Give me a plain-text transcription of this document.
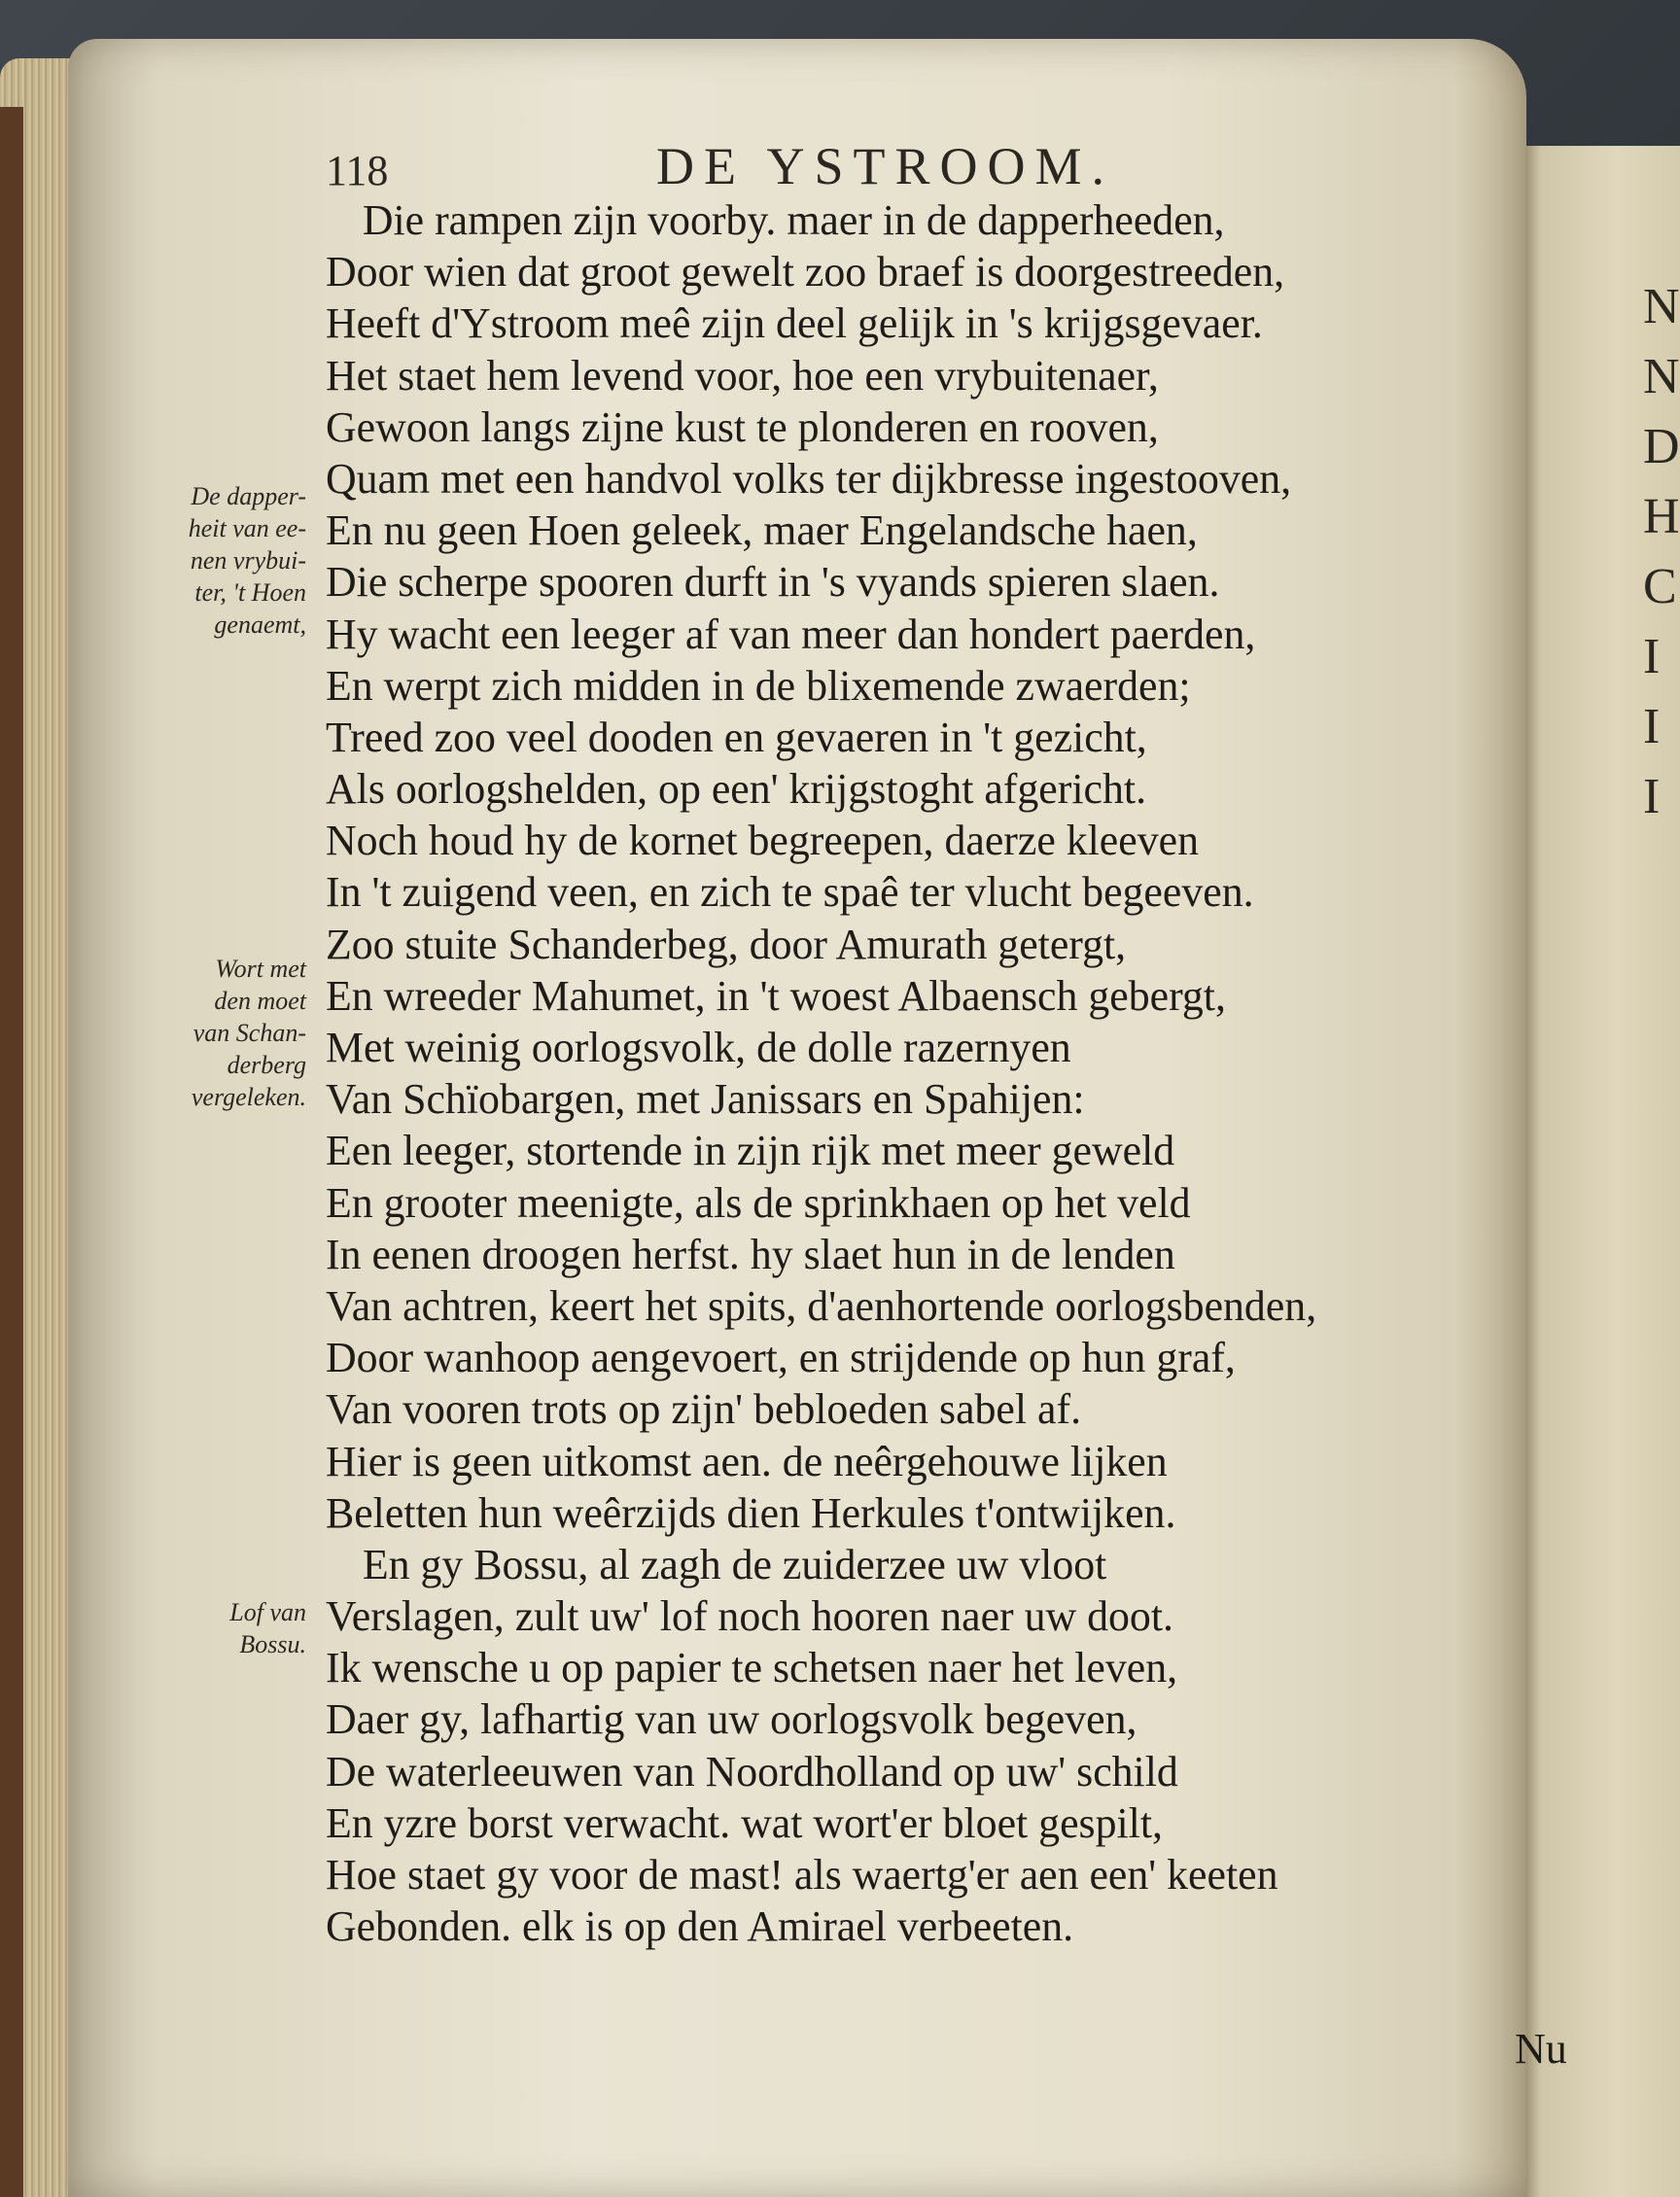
N
N
D
H
C
I
I
I
118	DE YSTROOM.
Die rampen zijn voorby. maer in de dapperheeden,
Door wien dat groot gewelt zoo braef is doorgestreeden,
Heeft d'Ystroom meê zijn deel gelijk in 's krijgsgevaer.
Het staet hem levend voor, hoe een vrybuitenaer,
Gewoon langs zijne kust te plonderen en rooven,
Quam met een handvol volks ter dijkbresse ingestooven,
En nu geen Hoen geleek, maer Engelandsche haen,
Die scherpe spooren durft in 's vyands spieren slaen.
Hy wacht een leeger af van meer dan hondert paerden,
En werpt zich midden in de blixemende zwaerden;
Treed zoo veel dooden en gevaeren in 't gezicht,
Als oorlogshelden, op een' krijgstoght afgericht.
Noch houd hy de kornet begreepen, daerze kleeven
In 't zuigend veen, en zich te spaê ter vlucht begeeven.
Zoo stuite Schanderbeg, door Amurath getergt,
En wreeder Mahumet, in 't woest Albaensch gebergt,
Met weinig oorlogsvolk, de dolle razernyen
Van Schïobargen, met Janissars en Spahijen:
Een leeger, stortende in zijn rijk met meer geweld
En grooter meenigte, als de sprinkhaen op het veld
In eenen droogen herfst. hy slaet hun in de lenden
Van achtren, keert het spits, d'aenhortende oorlogsbenden,
Door wanhoop aengevoert, en strijdende op hun graf,
Van vooren trots op zijn' bebloeden sabel af.
Hier is geen uitkomst aen. de neêrgehouwe lijken
Beletten hun weêrzijds dien Herkules t'ontwijken.
En gy Bossu, al zagh de zuiderzee uw vloot
Verslagen, zult uw' lof noch hooren naer uw doot.
Ik wensche u op papier te schetsen naer het leven,
Daer gy, lafhartig van uw oorlogsvolk begeven,
De waterleeuwen van Noordholland op uw' schild
En yzre borst verwacht. wat wort'er bloet gespilt,
Hoe staet gy voor de mast! als waertg'er aen een' keeten
Gebonden. elk is op den Amirael verbeeten.
De dapper-
heit van ee-
nen vrybui-
ter, 't Hoen
genaemt,
Wort met
den moet
van Schan-
derberg
vergeleken.
Lof van
Bossu.
Nu
